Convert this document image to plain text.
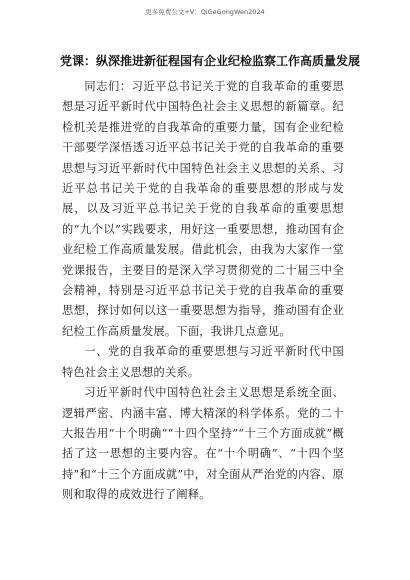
更多免费公文+V：QiGeGongWen2024
党课：纵深推进新征程国有企业纪检监察工作高质量发展

同志们：习近平总书记关于党的自我革命的重要思想是习近平新时代中国特色社会主义思想的新篇章。纪检机关是推进党的自我革命的重要力量，国有企业纪检干部要学深悟透习近平总书记关于党的自我革命的重要思想与习近平新时代中国特色社会主义思想的关系、习近平总书记关于党的自我革命的重要思想的形成与发展，以及习近平总书记关于党的自我革命的重要思想的“九个以”实践要求，用好这一重要思想，推动国有企业纪检工作高质量发展。借此机会，由我为大家作一堂党课报告，主要目的是深入学习贯彻党的二十届三中全会精神，特别是习近平总书记关于党的自我革命的重要思想，探讨如何以这一重要思想为指导，推动国有企业纪检工作高质量发展。下面，我讲几点意见。

一、党的自我革命的重要思想与习近平新时代中国特色社会主义思想的关系。

习近平新时代中国特色社会主义思想是系统全面、逻辑严密、内涵丰富、博大精深的科学体系。党的二十大报告用“十个明确”“十四个坚持”“十三个方面成就”概括了这一思想的主要内容。在“十个明确”、“十四个坚持”和“十三个方面成就”中，对全面从严治党的内容、原则和取得的成效进行了阐释。
